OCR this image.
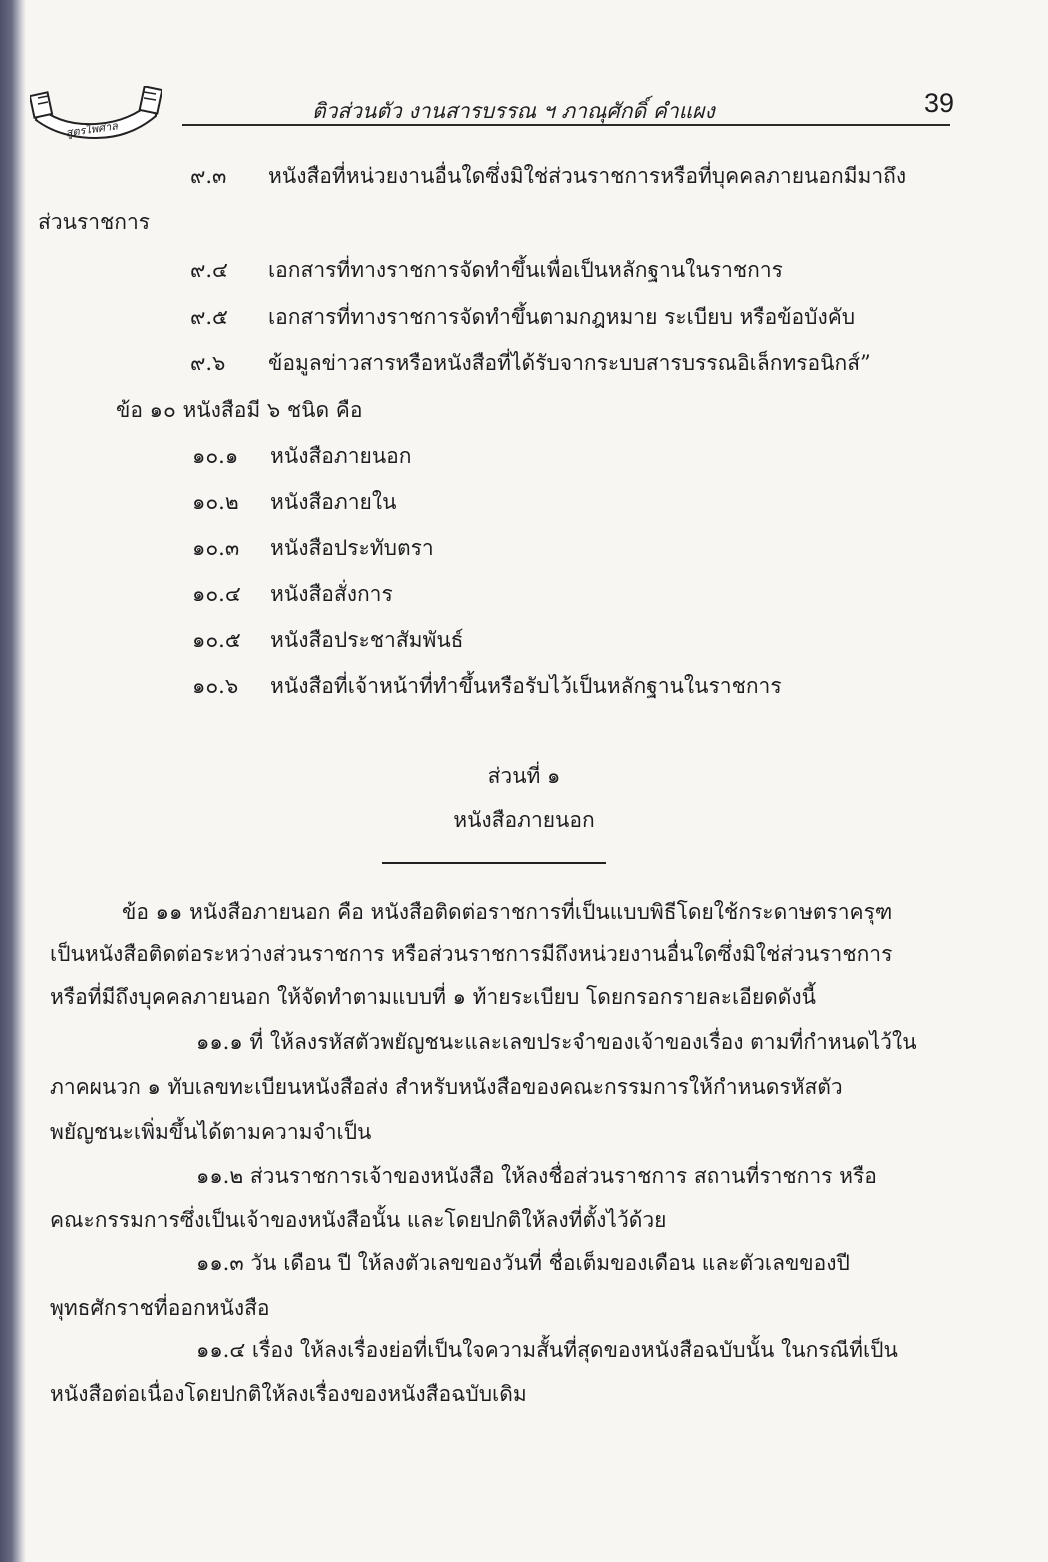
สูตรไพศาล
ติวส่วนตัว งานสารบรรณ ฯ ภาณุศักดิ์ คำแผง	39
๙.๓ หนังสือที่หน่วยงานอื่นใดซึ่งมิใช่ส่วนราชการหรือที่บุคคลภายนอกมีมาถึง
ส่วนราชการ
๙.๔ เอกสารที่ทางราชการจัดทำขึ้นเพื่อเป็นหลักฐานในราชการ
๙.๕ เอกสารที่ทางราชการจัดทำขึ้นตามกฎหมาย ระเบียบ หรือข้อบังคับ
๙.๖ ข้อมูลข่าวสารหรือหนังสือที่ได้รับจากระบบสารบรรณอิเล็กทรอนิกส์”
ข้อ ๑๐ หนังสือมี ๖ ชนิด คือ
๑๐.๑ หนังสือภายนอก
๑๐.๒ หนังสือภายใน
๑๐.๓ หนังสือประทับตรา
๑๐.๔ หนังสือสั่งการ
๑๐.๕ หนังสือประชาสัมพันธ์
๑๐.๖ หนังสือที่เจ้าหน้าที่ทำขึ้นหรือรับไว้เป็นหลักฐานในราชการ
ส่วนที่ ๑
หนังสือภายนอก
ข้อ ๑๑ หนังสือภายนอก คือ หนังสือติดต่อราชการที่เป็นแบบพิธีโดยใช้กระดาษตราครุฑ
เป็นหนังสือติดต่อระหว่างส่วนราชการ หรือส่วนราชการมีถึงหน่วยงานอื่นใดซึ่งมิใช่ส่วนราชการ
หรือที่มีถึงบุคคลภายนอก ให้จัดทำตามแบบที่ ๑ ท้ายระเบียบ โดยกรอกรายละเอียดดังนี้
๑๑.๑ ที่ ให้ลงรหัสตัวพยัญชนะและเลขประจำของเจ้าของเรื่อง ตามที่กำหนดไว้ใน
ภาคผนวก ๑ ทับเลขทะเบียนหนังสือส่ง สำหรับหนังสือของคณะกรรมการให้กำหนดรหัสตัว
พยัญชนะเพิ่มขึ้นได้ตามความจำเป็น
๑๑.๒ ส่วนราชการเจ้าของหนังสือ ให้ลงชื่อส่วนราชการ สถานที่ราชการ หรือ
คณะกรรมการซึ่งเป็นเจ้าของหนังสือนั้น และโดยปกติให้ลงที่ตั้งไว้ด้วย
๑๑.๓ วัน เดือน ปี ให้ลงตัวเลขของวันที่ ชื่อเต็มของเดือน และตัวเลขของปี
พุทธศักราชที่ออกหนังสือ
๑๑.๔ เรื่อง ให้ลงเรื่องย่อที่เป็นใจความสั้นที่สุดของหนังสือฉบับนั้น ในกรณีที่เป็น
หนังสือต่อเนื่องโดยปกติให้ลงเรื่องของหนังสือฉบับเดิม
